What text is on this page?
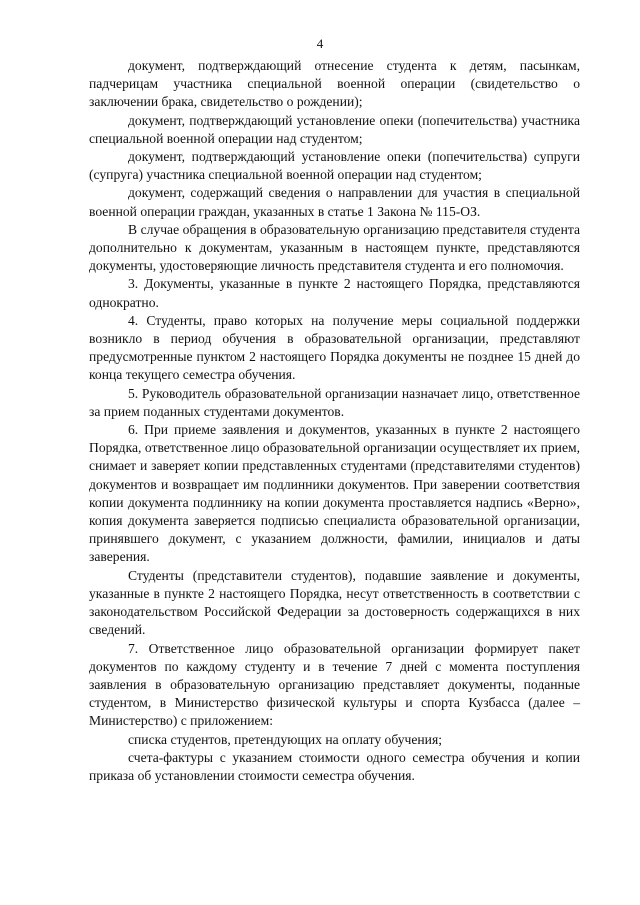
4

документ, подтверждающий отнесение студента к детям, пасынкам, падчерицам участника специальной военной операции (свидетельство о заключении брака, свидетельство о рождении);

документ, подтверждающий установление опеки (попечительства) участника специальной военной операции над студентом;

документ, подтверждающий установление опеки (попечительства) супруги (супруга) участника специальной военной операции над студентом;

документ, содержащий сведения о направлении для участия в специальной военной операции граждан, указанных в статье 1 Закона № 115-ОЗ.

В случае обращения в образовательную организацию представителя студента дополнительно к документам, указанным в настоящем пункте, представляются документы, удостоверяющие личность представителя студента и его полномочия.

3. Документы, указанные в пункте 2 настоящего Порядка, представляются однократно.

4. Студенты, право которых на получение меры социальной поддержки возникло в период обучения в образовательной организации, представляют предусмотренные пунктом 2 настоящего Порядка документы не позднее 15 дней до конца текущего семестра обучения.

5. Руководитель образовательной организации назначает лицо, ответственное за прием поданных студентами документов.

6. При приеме заявления и документов, указанных в пункте 2 настоящего Порядка, ответственное лицо образовательной организации осуществляет их прием, снимает и заверяет копии представленных студентами (представителями студентов) документов и возвращает им подлинники документов. При заверении соответствия копии документа подлиннику на копии документа проставляется надпись «Верно», копия документа заверяется подписью специалиста образовательной организации, принявшего документ, с указанием должности, фамилии, инициалов и даты заверения.

Студенты (представители студентов), подавшие заявление и документы, указанные в пункте 2 настоящего Порядка, несут ответственность в соответствии с законодательством Российской Федерации за достоверность содержащихся в них сведений.

7. Ответственное лицо образовательной организации формирует пакет документов по каждому студенту и в течение 7 дней с момента поступления заявления в образовательную организацию представляет документы, поданные студентом, в Министерство физической культуры и спорта Кузбасса (далее – Министерство) с приложением:

списка студентов, претендующих на оплату обучения;

счета-фактуры с указанием стоимости одного семестра обучения и копии приказа об установлении стоимости семестра обучения.
